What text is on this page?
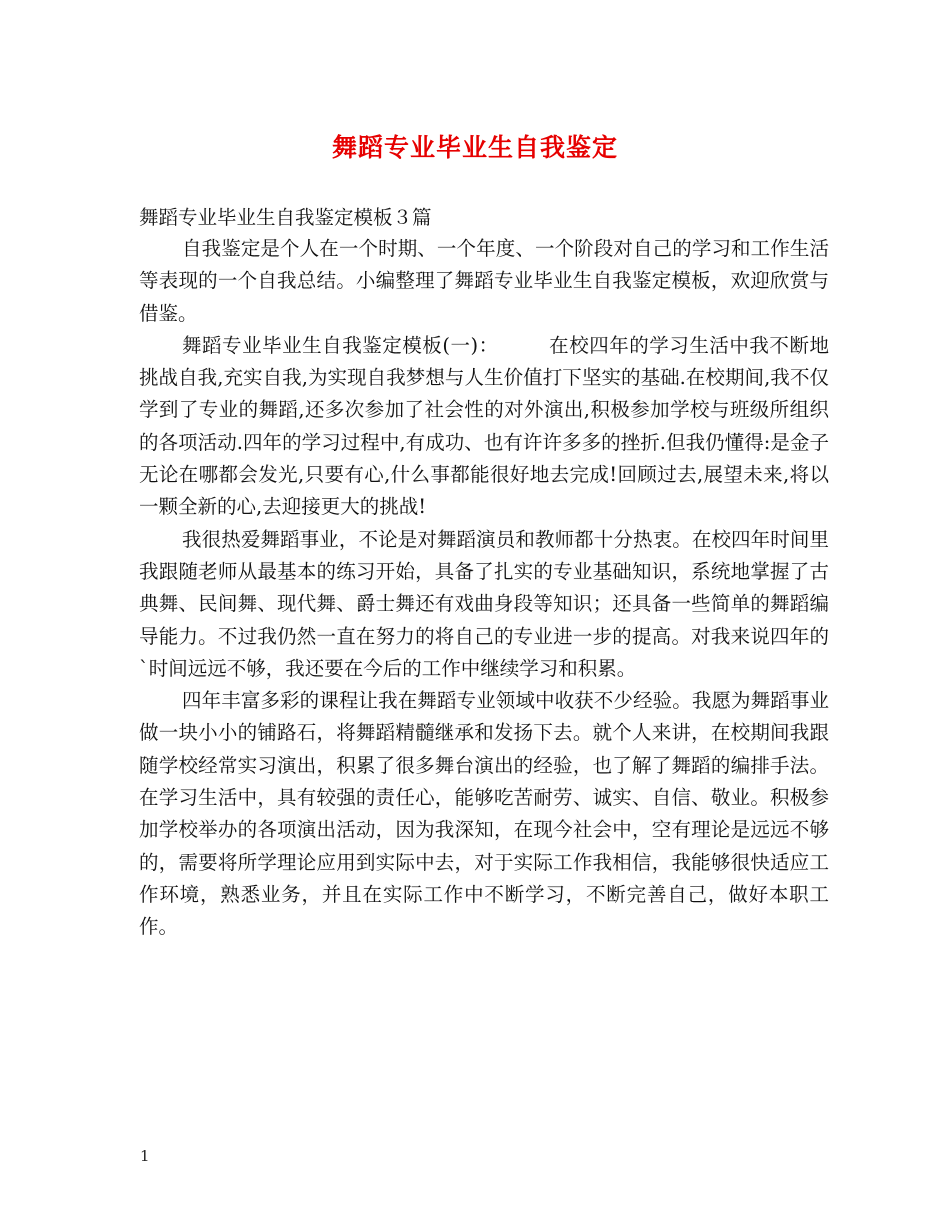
舞蹈专业毕业生自我鉴定

舞蹈专业毕业生自我鉴定模板３篇

自我鉴定是个人在一个时期、一个年度、一个阶段对自己的学习和工作生活等表现的一个自我总结。小编整理了舞蹈专业毕业生自我鉴定模板，欢迎欣赏与借鉴。

舞蹈专业毕业生自我鉴定模板(一)：	在校四年的学习生活中我不断地挑战自我,充实自我,为实现自我梦想与人生价值打下坚实的基础.在校期间,我不仅学到了专业的舞蹈,还多次参加了社会性的对外演出,积极参加学校与班级所组织的各项活动.四年的学习过程中,有成功、也有许许多多的挫折.但我仍懂得:是金子无论在哪都会发光,只要有心,什么事都能很好地去完成!回顾过去,展望未来,将以一颗全新的心,去迎接更大的挑战!

我很热爱舞蹈事业，不论是对舞蹈演员和教师都十分热衷。在校四年时间里我跟随老师从最基本的练习开始，具备了扎实的专业基础知识，系统地掌握了古典舞、民间舞、现代舞、爵士舞还有戏曲身段等知识；还具备一些简单的舞蹈编导能力。不过我仍然一直在努力的将自己的专业进一步的提高。对我来说四年的`时间远远不够，我还要在今后的工作中继续学习和积累。

四年丰富多彩的课程让我在舞蹈专业领域中收获不少经验。我愿为舞蹈事业做一块小小的铺路石，将舞蹈精髓继承和发扬下去。就个人来讲，在校期间我跟随学校经常实习演出，积累了很多舞台演出的经验，也了解了舞蹈的编排手法。在学习生活中，具有较强的责任心，能够吃苦耐劳、诚实、自信、敬业。积极参加学校举办的各项演出活动，因为我深知，在现今社会中，空有理论是远远不够的，需要将所学理论应用到实际中去，对于实际工作我相信，我能够很快适应工作环境，熟悉业务，并且在实际工作中不断学习，不断完善自己，做好本职工作。

1
